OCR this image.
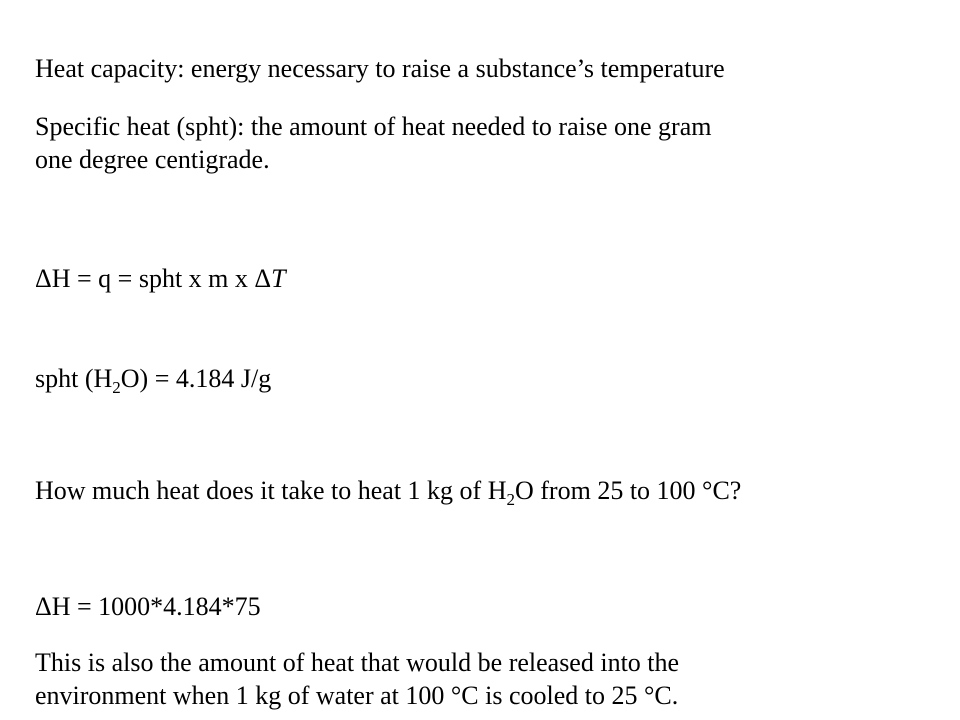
Heat capacity: energy necessary to raise a substance’s temperature
Specific heat (spht): the amount of heat needed to raise one gram
one degree centigrade.
ΔH = q = spht x m x ΔT
spht $(H_2O) = 4.184$ J/g
How much heat does it take to heat 1 kg of $H_2O$ from 25 to 100 °C?
ΔH = 1000*4.184*75
This is also the amount of heat that would be released into the
environment when 1 kg of water at 100 °C is cooled to 25 °C.
